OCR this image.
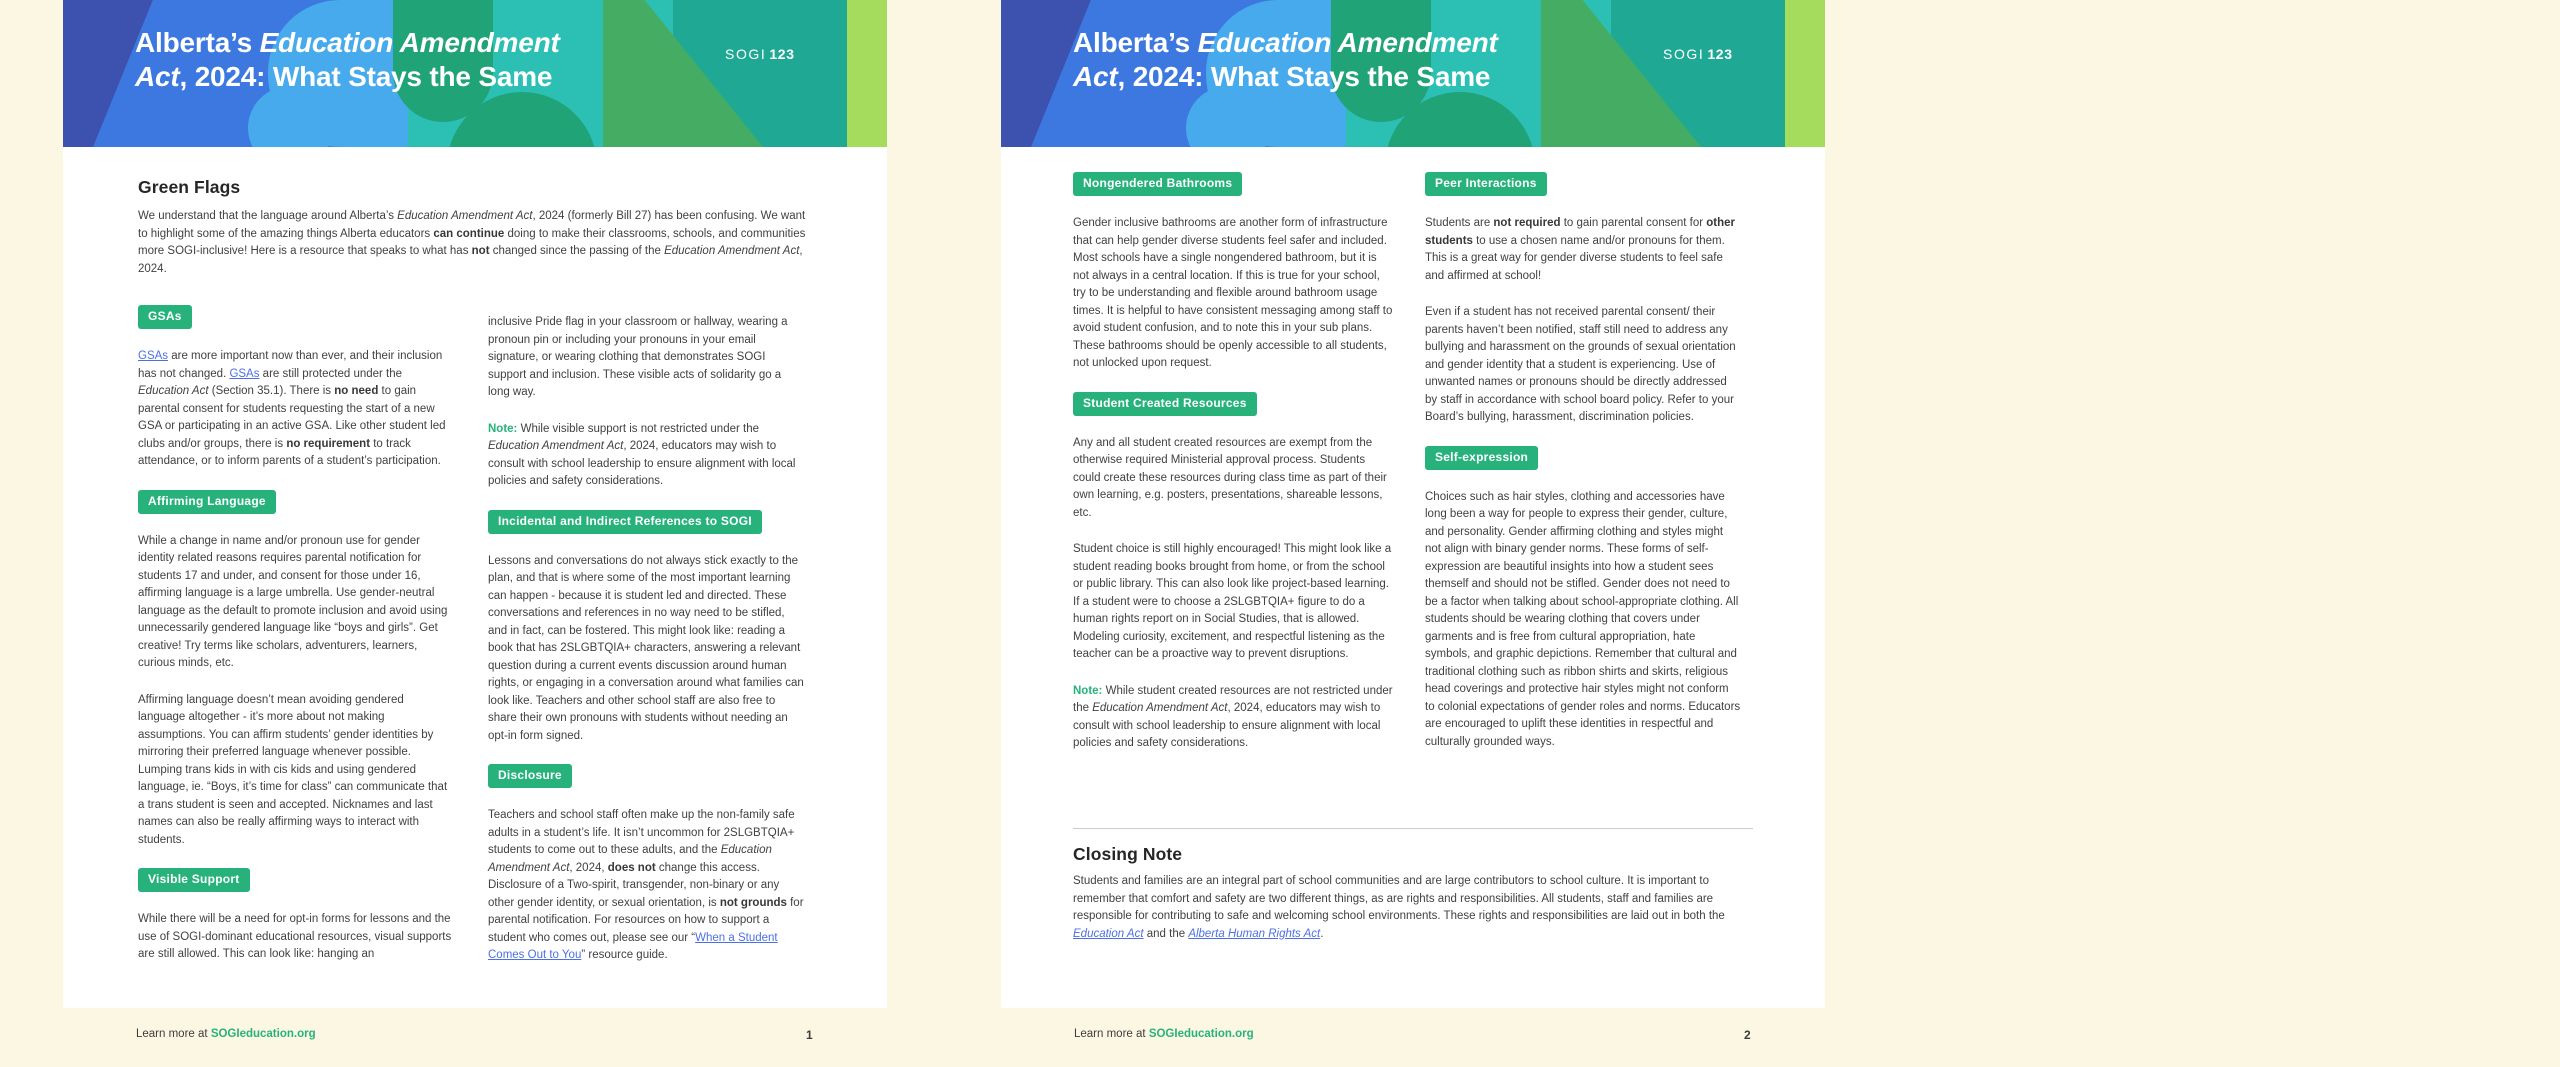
Alberta’s Education Amendment
Act, 2024: What Stays the Same
SOGI 123
Green Flags

We understand that the language around Alberta’s Education Amendment Act, 2024 (formerly Bill 27) has been confusing. We want to highlight some of the amazing things Alberta educators can continue doing to make their classrooms, schools, and communities more SOGI-inclusive! Here is a resource that speaks to what has not changed since the passing of the Education Amendment Act, 2024.

GSAs

GSAs are more important now than ever, and their inclusion has not changed. GSAs are still protected under the Education Act (Section 35.1). There is no need to gain parental consent for students requesting the start of a new GSA or participating in an active GSA. Like other student led clubs and/or groups, there is no requirement to track attendance, or to inform parents of a student’s participation.

Affirming Language

While a change in name and/or pronoun use for gender identity related reasons requires parental notification for students 17 and under, and consent for those under 16, affirming language is a large umbrella. Use gender-neutral language as the default to promote inclusion and avoid using unnecessarily gendered language like “boys and girls”. Get creative! Try terms like scholars, adventurers, learners, curious minds, etc.

Affirming language doesn’t mean avoiding gendered language altogether - it’s more about not making assumptions. You can affirm students’ gender identities by mirroring their preferred language whenever possible. Lumping trans kids in with cis kids and using gendered language, ie. “Boys, it’s time for class” can communicate that a trans student is seen and accepted. Nicknames and last names can also be really affirming ways to interact with students.

Visible Support

While there will be a need for opt-in forms for lessons and the use of SOGI-dominant educational resources, visual supports are still allowed. This can look like: hanging an

inclusive Pride flag in your classroom or hallway, wearing a pronoun pin or including your pronouns in your email signature, or wearing clothing that demonstrates SOGI support and inclusion. These visible acts of solidarity go a long way.

Note: While visible support is not restricted under the Education Amendment Act, 2024, educators may wish to consult with school leadership to ensure alignment with local policies and safety considerations.

Incidental and Indirect References to SOGI

Lessons and conversations do not always stick exactly to the plan, and that is where some of the most important learning can happen - because it is student led and directed. These conversations and references in no way need to be stifled, and in fact, can be fostered. This might look like: reading a book that has 2SLGBTQIA+ characters, answering a relevant question during a current events discussion around human rights, or engaging in a conversation around what families can look like. Teachers and other school staff are also free to share their own pronouns with students without needing an opt-in form signed.

Disclosure

Teachers and school staff often make up the non-family safe adults in a student’s life. It isn’t uncommon for 2SLGBTQIA+ students to come out to these adults, and the Education Amendment Act, 2024, does not change this access. Disclosure of a Two-spirit, transgender, non-binary or any other gender identity, or sexual orientation, is not grounds for parental notification. For resources on how to support a student who comes out, please see our “When a Student Comes Out to You” resource guide.

Alberta’s Education Amendment
Act, 2024: What Stays the Same
SOGI 123
Nongendered Bathrooms

Gender inclusive bathrooms are another form of infrastructure that can help gender diverse students feel safer and included. Most schools have a single nongendered bathroom, but it is not always in a central location. If this is true for your school, try to be understanding and flexible around bathroom usage times. It is helpful to have consistent messaging among staff to avoid student confusion, and to note this in your sub plans. These bathrooms should be openly accessible to all students, not unlocked upon request.

Student Created Resources

Any and all student created resources are exempt from the otherwise required Ministerial approval process. Students could create these resources during class time as part of their own learning, e.g. posters, presentations, shareable lessons, etc.

Student choice is still highly encouraged! This might look like a student reading books brought from home, or from the school or public library. This can also look like project-based learning. If a student were to choose a 2SLGBTQIA+ figure to do a human rights report on in Social Studies, that is allowed. Modeling curiosity, excitement, and respectful listening as the teacher can be a proactive way to prevent disruptions.

Note: While student created resources are not restricted under the Education Amendment Act, 2024, educators may wish to consult with school leadership to ensure alignment with local policies and safety considerations.

Peer Interactions

Students are not required to gain parental consent for other students to use a chosen name and/or pronouns for them. This is a great way for gender diverse students to feel safe and affirmed at school!

Even if a student has not received parental consent/ their parents haven’t been notified, staff still need to address any bullying and harassment on the grounds of sexual orientation and gender identity that a student is experiencing. Use of unwanted names or pronouns should be directly addressed by staff in accordance with school board policy. Refer to your Board’s bullying, harassment, discrimination policies.

Self-expression

Choices such as hair styles, clothing and accessories have long been a way for people to express their gender, culture, and personality. Gender affirming clothing and styles might not align with binary gender norms. These forms of self-expression are beautiful insights into how a student sees themself and should not be stifled. Gender does not need to be a factor when talking about school-appropriate clothing. All students should be wearing clothing that covers under garments and is free from cultural appropriation, hate symbols, and graphic depictions. Remember that cultural and traditional clothing such as ribbon shirts and skirts, religious head coverings and protective hair styles might not conform to colonial expectations of gender roles and norms. Educators are encouraged to uplift these identities in respectful and culturally grounded ways.

Closing Note

Students and families are an integral part of school communities and are large contributors to school culture. It is important to remember that comfort and safety are two different things, as are rights and responsibilities. All students, staff and families are responsible for contributing to safe and welcoming school environments. These rights and responsibilities are laid out in both the Education Act and the Alberta Human Rights Act.

Learn more at SOGIeducation.org	1	Learn more at SOGIeducation.org	2
